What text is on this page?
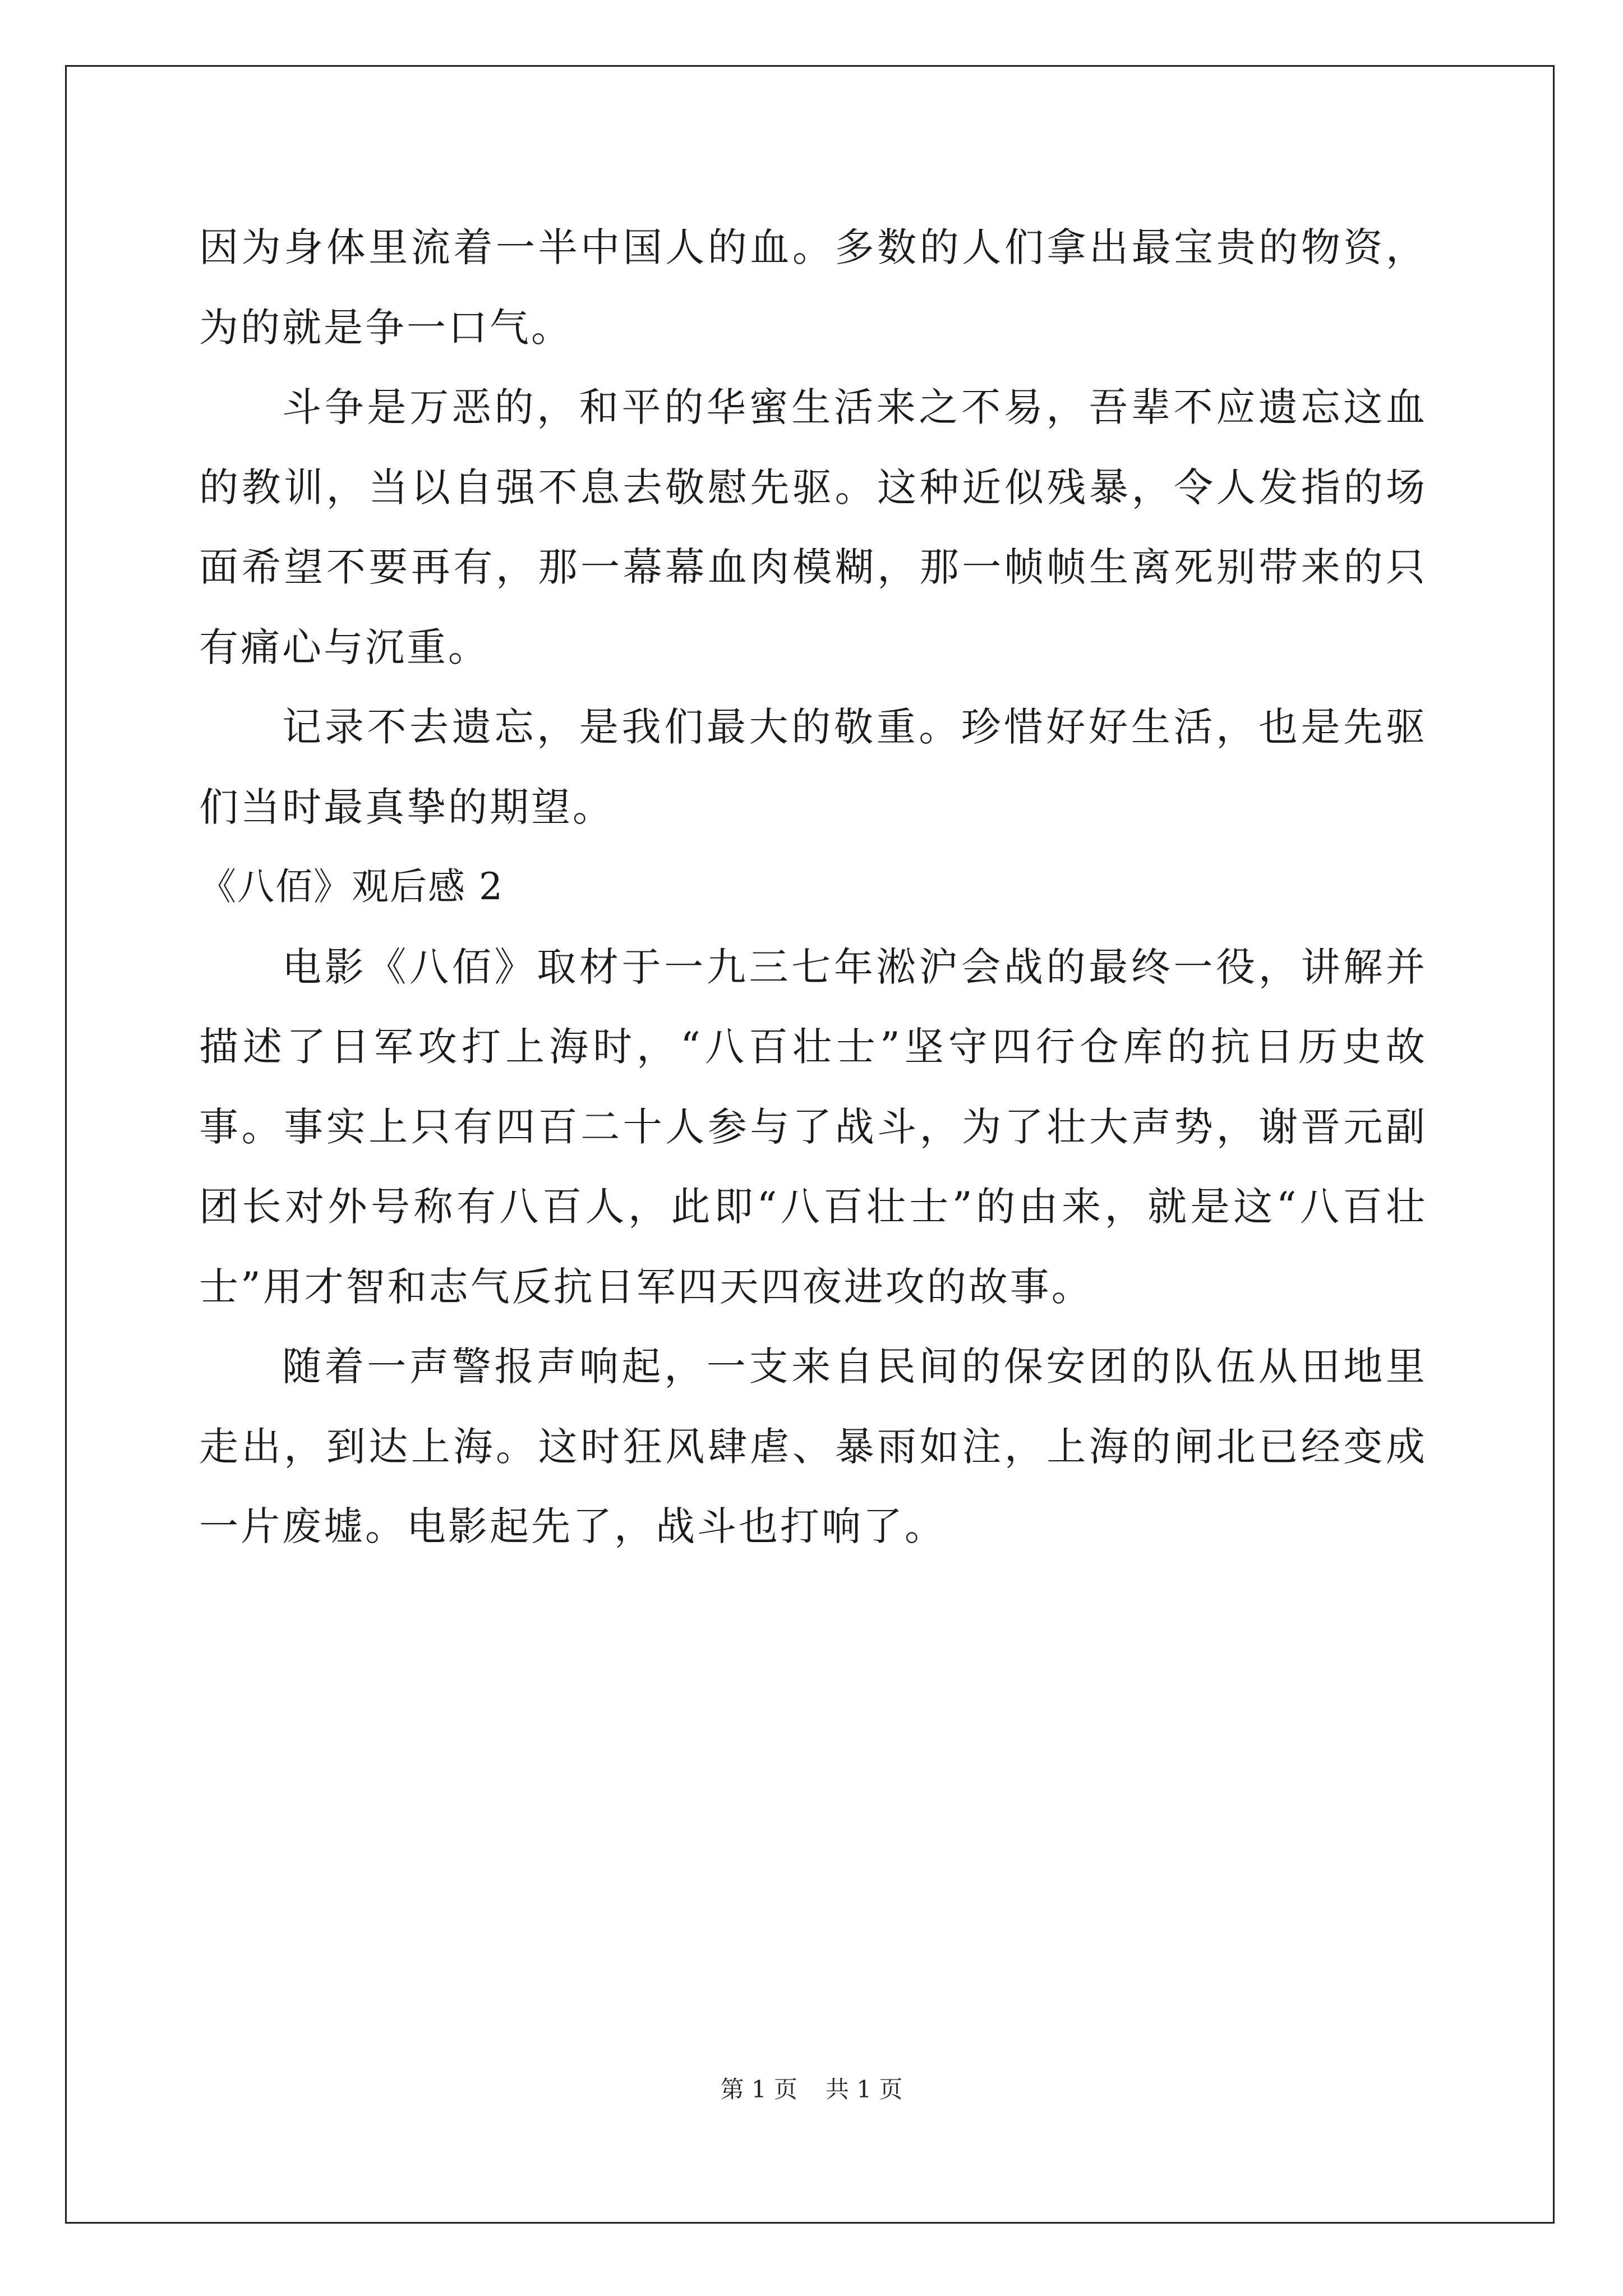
因为身体里流着一半中国人的血。多数的人们拿出最宝贵的物资，为的就是争一口气。

斗争是万恶的，和平的华蜜生活来之不易，吾辈不应遗忘这血的教训，当以自强不息去敬慰先驱。这种近似残暴，令人发指的场面希望不要再有，那一幕幕血肉模糊，那一帧帧生离死别带来的只有痛心与沉重。

记录不去遗忘，是我们最大的敬重。珍惜好好生活，也是先驱们当时最真挚的期望。

《八佰》观后感 2

电影《八佰》取材于一九三七年淞沪会战的最终一役，讲解并描述了日军攻打上海时，“八百壮士”坚守四行仓库的抗日历史故事。事实上只有四百二十人参与了战斗，为了壮大声势，谢晋元副团长对外号称有八百人，此即“八百壮士”的由来，就是这“八百壮士”用才智和志气反抗日军四天四夜进攻的故事。

随着一声警报声响起，一支来自民间的保安团的队伍从田地里走出，到达上海。这时狂风肆虐、暴雨如注，上海的闸北已经变成一片废墟。电影起先了，战斗也打响了。

第 1 页 共 1 页
